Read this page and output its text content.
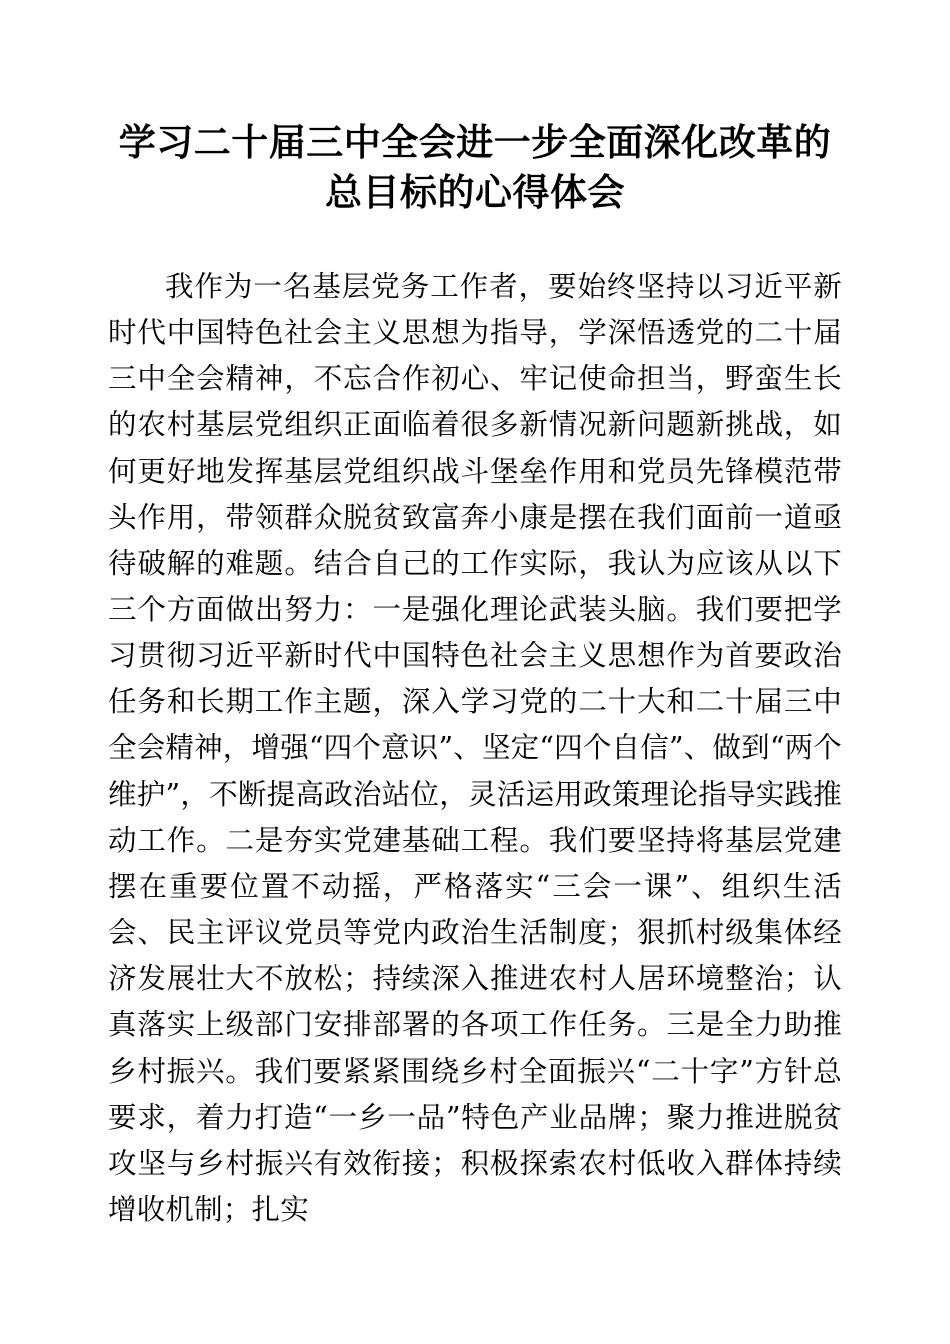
学习二十届三中全会进一步全面深化改革的总目标的心得体会

我作为一名基层党务工作者，要始终坚持以习近平新时代中国特色社会主义思想为指导，学深悟透党的二十届三中全会精神，不忘合作初心、牢记使命担当，野蛮生长的农村基层党组织正面临着很多新情况新问题新挑战，如何更好地发挥基层党组织战斗堡垒作用和党员先锋模范带头作用，带领群众脱贫致富奔小康是摆在我们面前一道亟待破解的难题。结合自己的工作实际，我认为应该从以下三个方面做出努力：一是强化理论武装头脑。我们要把学习贯彻习近平新时代中国特色社会主义思想作为首要政治任务和长期工作主题，深入学习党的二十大和二十届三中全会精神，增强“四个意识”、坚定“四个自信”、做到“两个维护”，不断提高政治站位，灵活运用政策理论指导实践推动工作。二是夯实党建基础工程。我们要坚持将基层党建摆在重要位置不动摇，严格落实“三会一课”、组织生活会、民主评议党员等党内政治生活制度；狠抓村级集体经济发展壮大不放松；持续深入推进农村人居环境整治；认真落实上级部门安排部署的各项工作任务。三是全力助推乡村振兴。我们要紧紧围绕乡村全面振兴“二十字”方针总要求，着力打造“一乡一品”特色产业品牌；聚力推进脱贫攻坚与乡村振兴有效衔接；积极探索农村低收入群体持续增收机制；扎实
